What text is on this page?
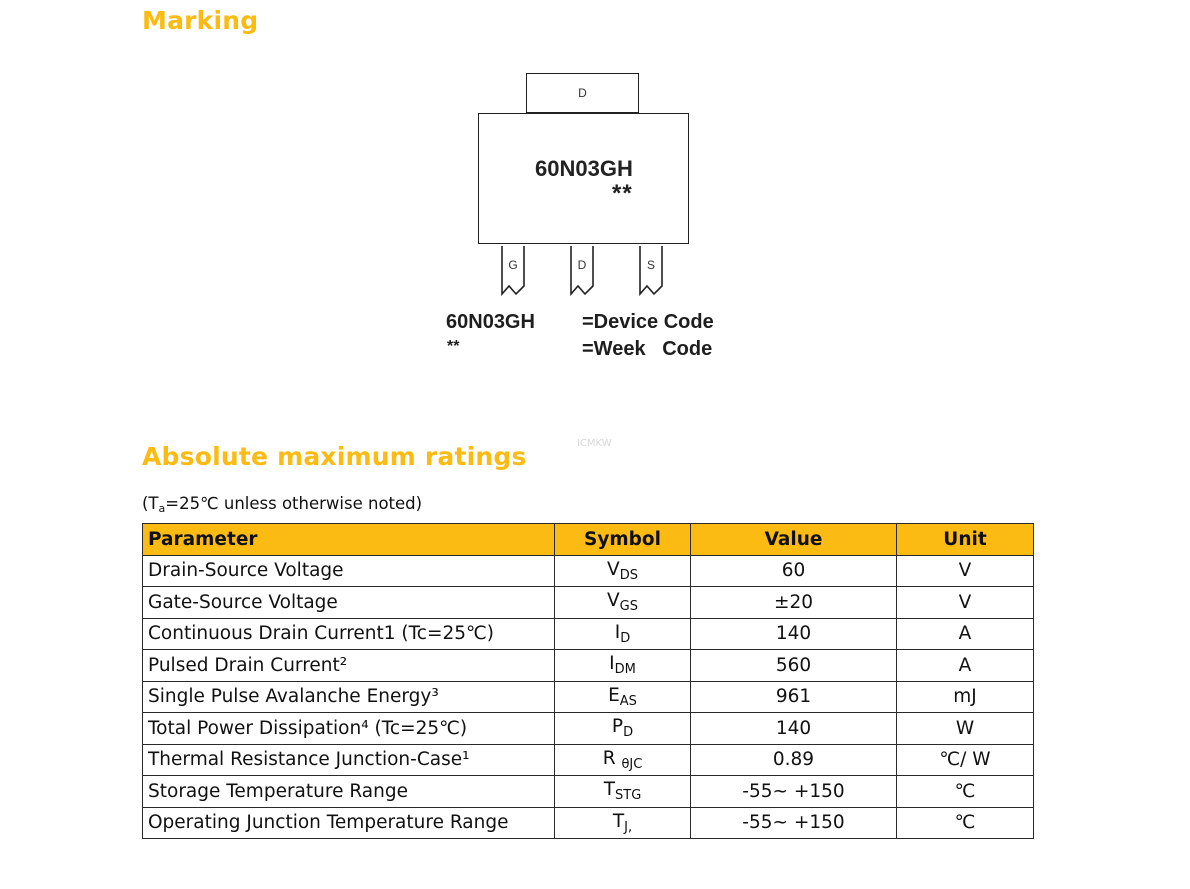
Marking
D
60N03GH
**
G	D	S
60N03GH =Device Code
**	=Week   Code
ICMKW
Absolute maximum ratings
($T_a=25℃$ unless otherwise noted)
Parameter	Symbol	Value	Unit
Drain-Source Voltage	$V_{DS}$	60	V
Gate-Source Voltage	$V_{GS}$	±20	V
Continuous Drain Current1 (Tc=25℃)	$I_D$	140	A
Pulsed Drain Current²	$I_{DM}$	560	A
Single Pulse Avalanche Energy³	$E_{AS}$	961	mJ
Total Power Dissipation⁴ (Tc=25℃)	$P_D$	140	W
Thermal Resistance Junction-Case¹	R $_{\theta JC}$	0.89	℃/ W
Storage Temperature Range	$T_{STG}$	-55~ +150	℃
Operating Junction Temperature Range	$T_{J,}$	-55~ +150	℃
